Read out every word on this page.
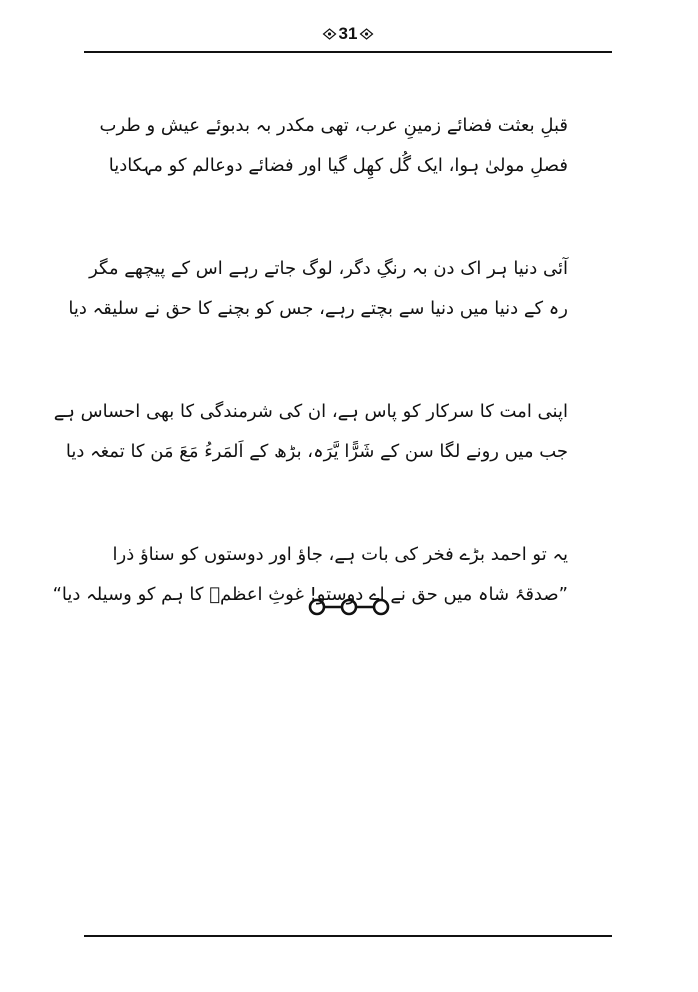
31
قبلِ بعثت فضائے زمینِ عرب، تھی مکدر بہ بدبوئے عیش و طرب
فصلِ مولیٰ ہوا، ایک گُل کھِل گیا اور فضائے دوعالم کو مہکادیا
آئی دنیا ہر اک دن بہ رنگِ دگر، لوگ جاتے رہے اس کے پیچھے مگر
رہ کے دنیا میں دنیا سے بچتے رہے، جس کو بچنے کا حق نے سلیقہ دیا
اپنی امت کا سرکار کو پاس ہے، ان کی شرمندگی کا بھی احساس ہے
جب میں رونے لگا سن کے شَرًّا یَّرَہ، بڑھ کے اَلمَرءُ مَعَ مَن کا تمغہ دیا
یہ تو احمد بڑے فخر کی بات ہے، جاؤ اور دوستوں کو سناؤ ذرا
”صدقۂ شاہ میں حق نے اے دوستو! غوثِ اعظمؒ کا ہم کو وسیلہ دیا“
